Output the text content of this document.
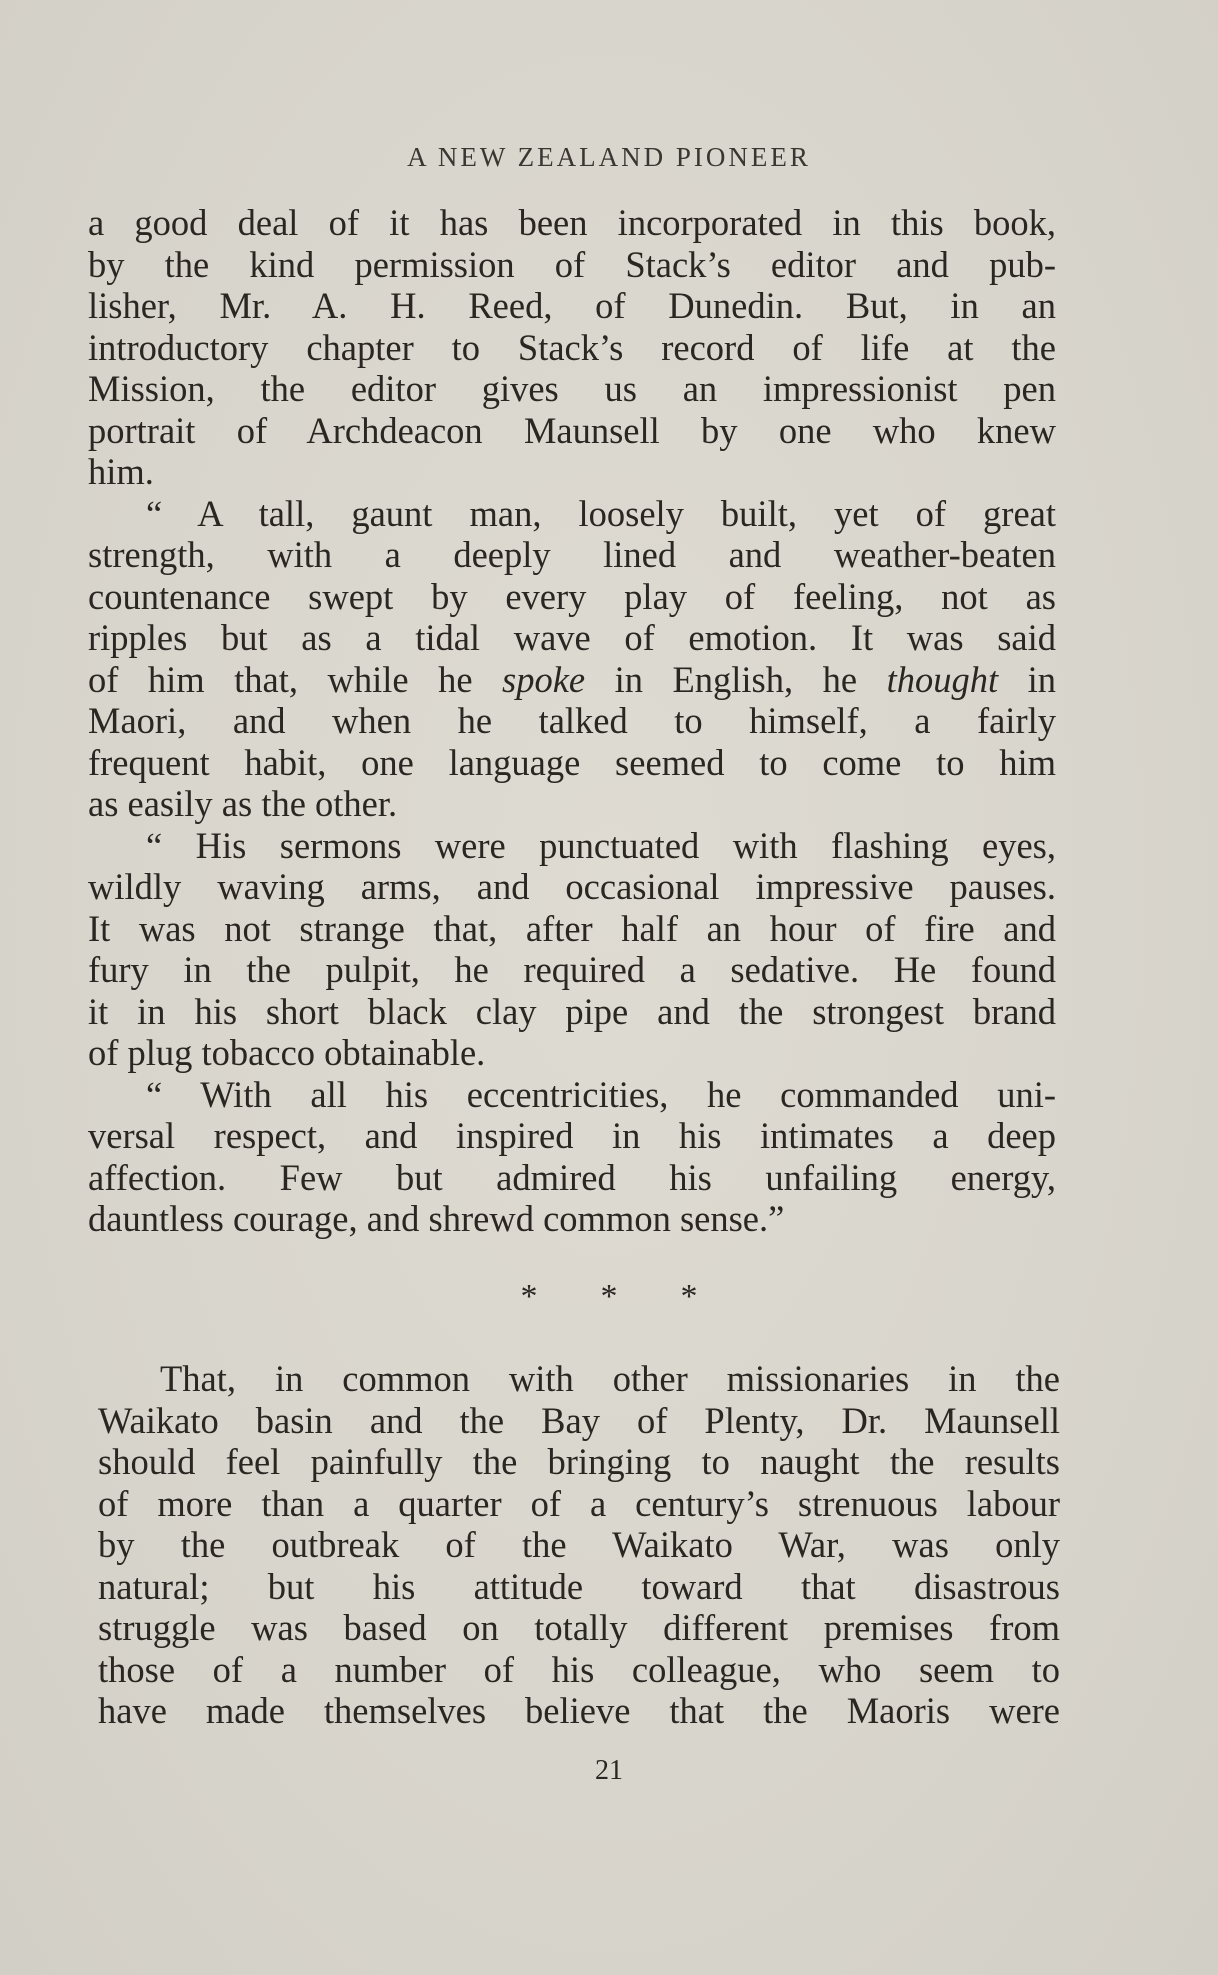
A NEW ZEALAND PIONEER
a good deal of it has been incorporated in this book,
by the kind permission of Stack’s editor and pub-
lisher, Mr. A. H. Reed, of Dunedin. But, in an
introductory chapter to Stack’s record of life at the
Mission, the editor gives us an impressionist pen
portrait of Archdeacon Maunsell by one who knew
him.
“ A tall, gaunt man, loosely built, yet of great
strength, with a deeply lined and weather-beaten
countenance swept by every play of feeling, not as
ripples but as a tidal wave of emotion. It was said
of him that, while he spoke in English, he thought in
Maori, and when he talked to himself, a fairly
frequent habit, one language seemed to come to him
as easily as the other.
“ His sermons were punctuated with flashing eyes,
wildly waving arms, and occasional impressive pauses.
It was not strange that, after half an hour of fire and
fury in the pulpit, he required a sedative. He found
it in his short black clay pipe and the strongest brand
of plug tobacco obtainable.
“ With all his eccentricities, he commanded uni-
versal respect, and inspired in his intimates a deep
affection. Few but admired his unfailing energy,
dauntless courage, and shrewd common sense.”
* * *
That, in common with other missionaries in the
Waikato basin and the Bay of Plenty, Dr. Maunsell
should feel painfully the bringing to naught the results
of more than a quarter of a century’s strenuous labour
by the outbreak of the Waikato War, was only
natural; but his attitude toward that disastrous
struggle was based on totally different premises from
those of a number of his colleague, who seem to
have made themselves believe that the Maoris were
21
